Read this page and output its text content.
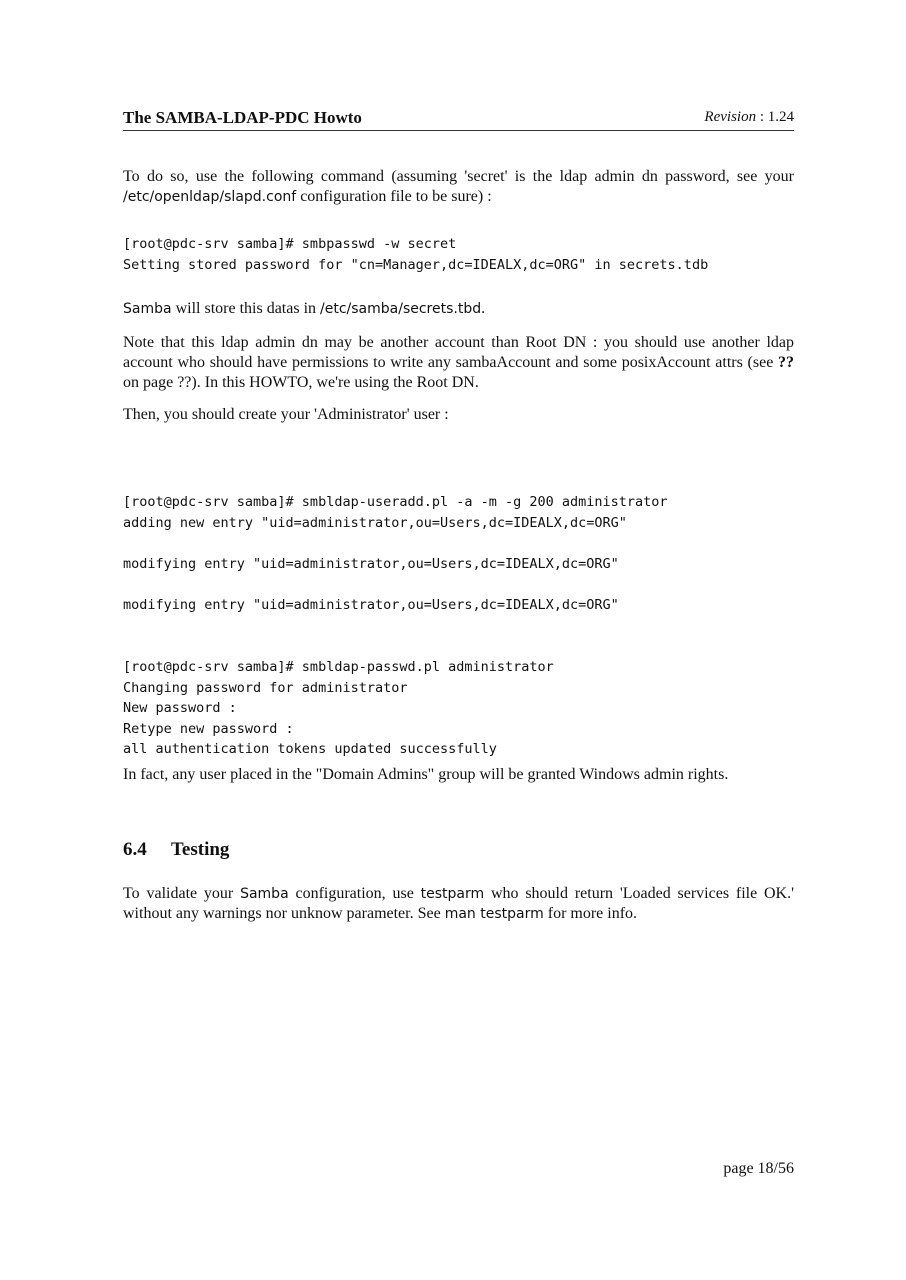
The SAMBA-LDAP-PDC Howto	Revision : 1.24

To do so, use the following command (assuming 'secret' is the ldap admin dn password, see your /etc/openldap/slapd.conf configuration file to be sure) :

[root@pdc-srv samba]# smbpasswd -w secret
Setting stored password for "cn=Manager,dc=IDEALX,dc=ORG" in secrets.tdb

Samba will store this datas in /etc/samba/secrets.tbd.

Note that this ldap admin dn may be another account than Root DN : you should use another ldap account who should have permissions to write any sambaAccount and some posixAccount attrs (see ?? on page ??). In this HOWTO, we're using the Root DN.

Then, you should create your 'Administrator' user :

[root@pdc-srv samba]# smbldap-useradd.pl -a -m -g 200 administrator
adding new entry "uid=administrator,ou=Users,dc=IDEALX,dc=ORG"
modifying entry "uid=administrator,ou=Users,dc=IDEALX,dc=ORG"
modifying entry "uid=administrator,ou=Users,dc=IDEALX,dc=ORG"

[root@pdc-srv samba]# smbldap-passwd.pl administrator
Changing password for administrator
New password :
Retype new password :
all authentication tokens updated successfully

In fact, any user placed in the "Domain Admins" group will be granted Windows admin rights.

6.4 Testing

To validate your Samba configuration, use testparm who should return 'Loaded services file OK.' without any warnings nor unknow parameter. See man testparm for more info.

page 18/56
